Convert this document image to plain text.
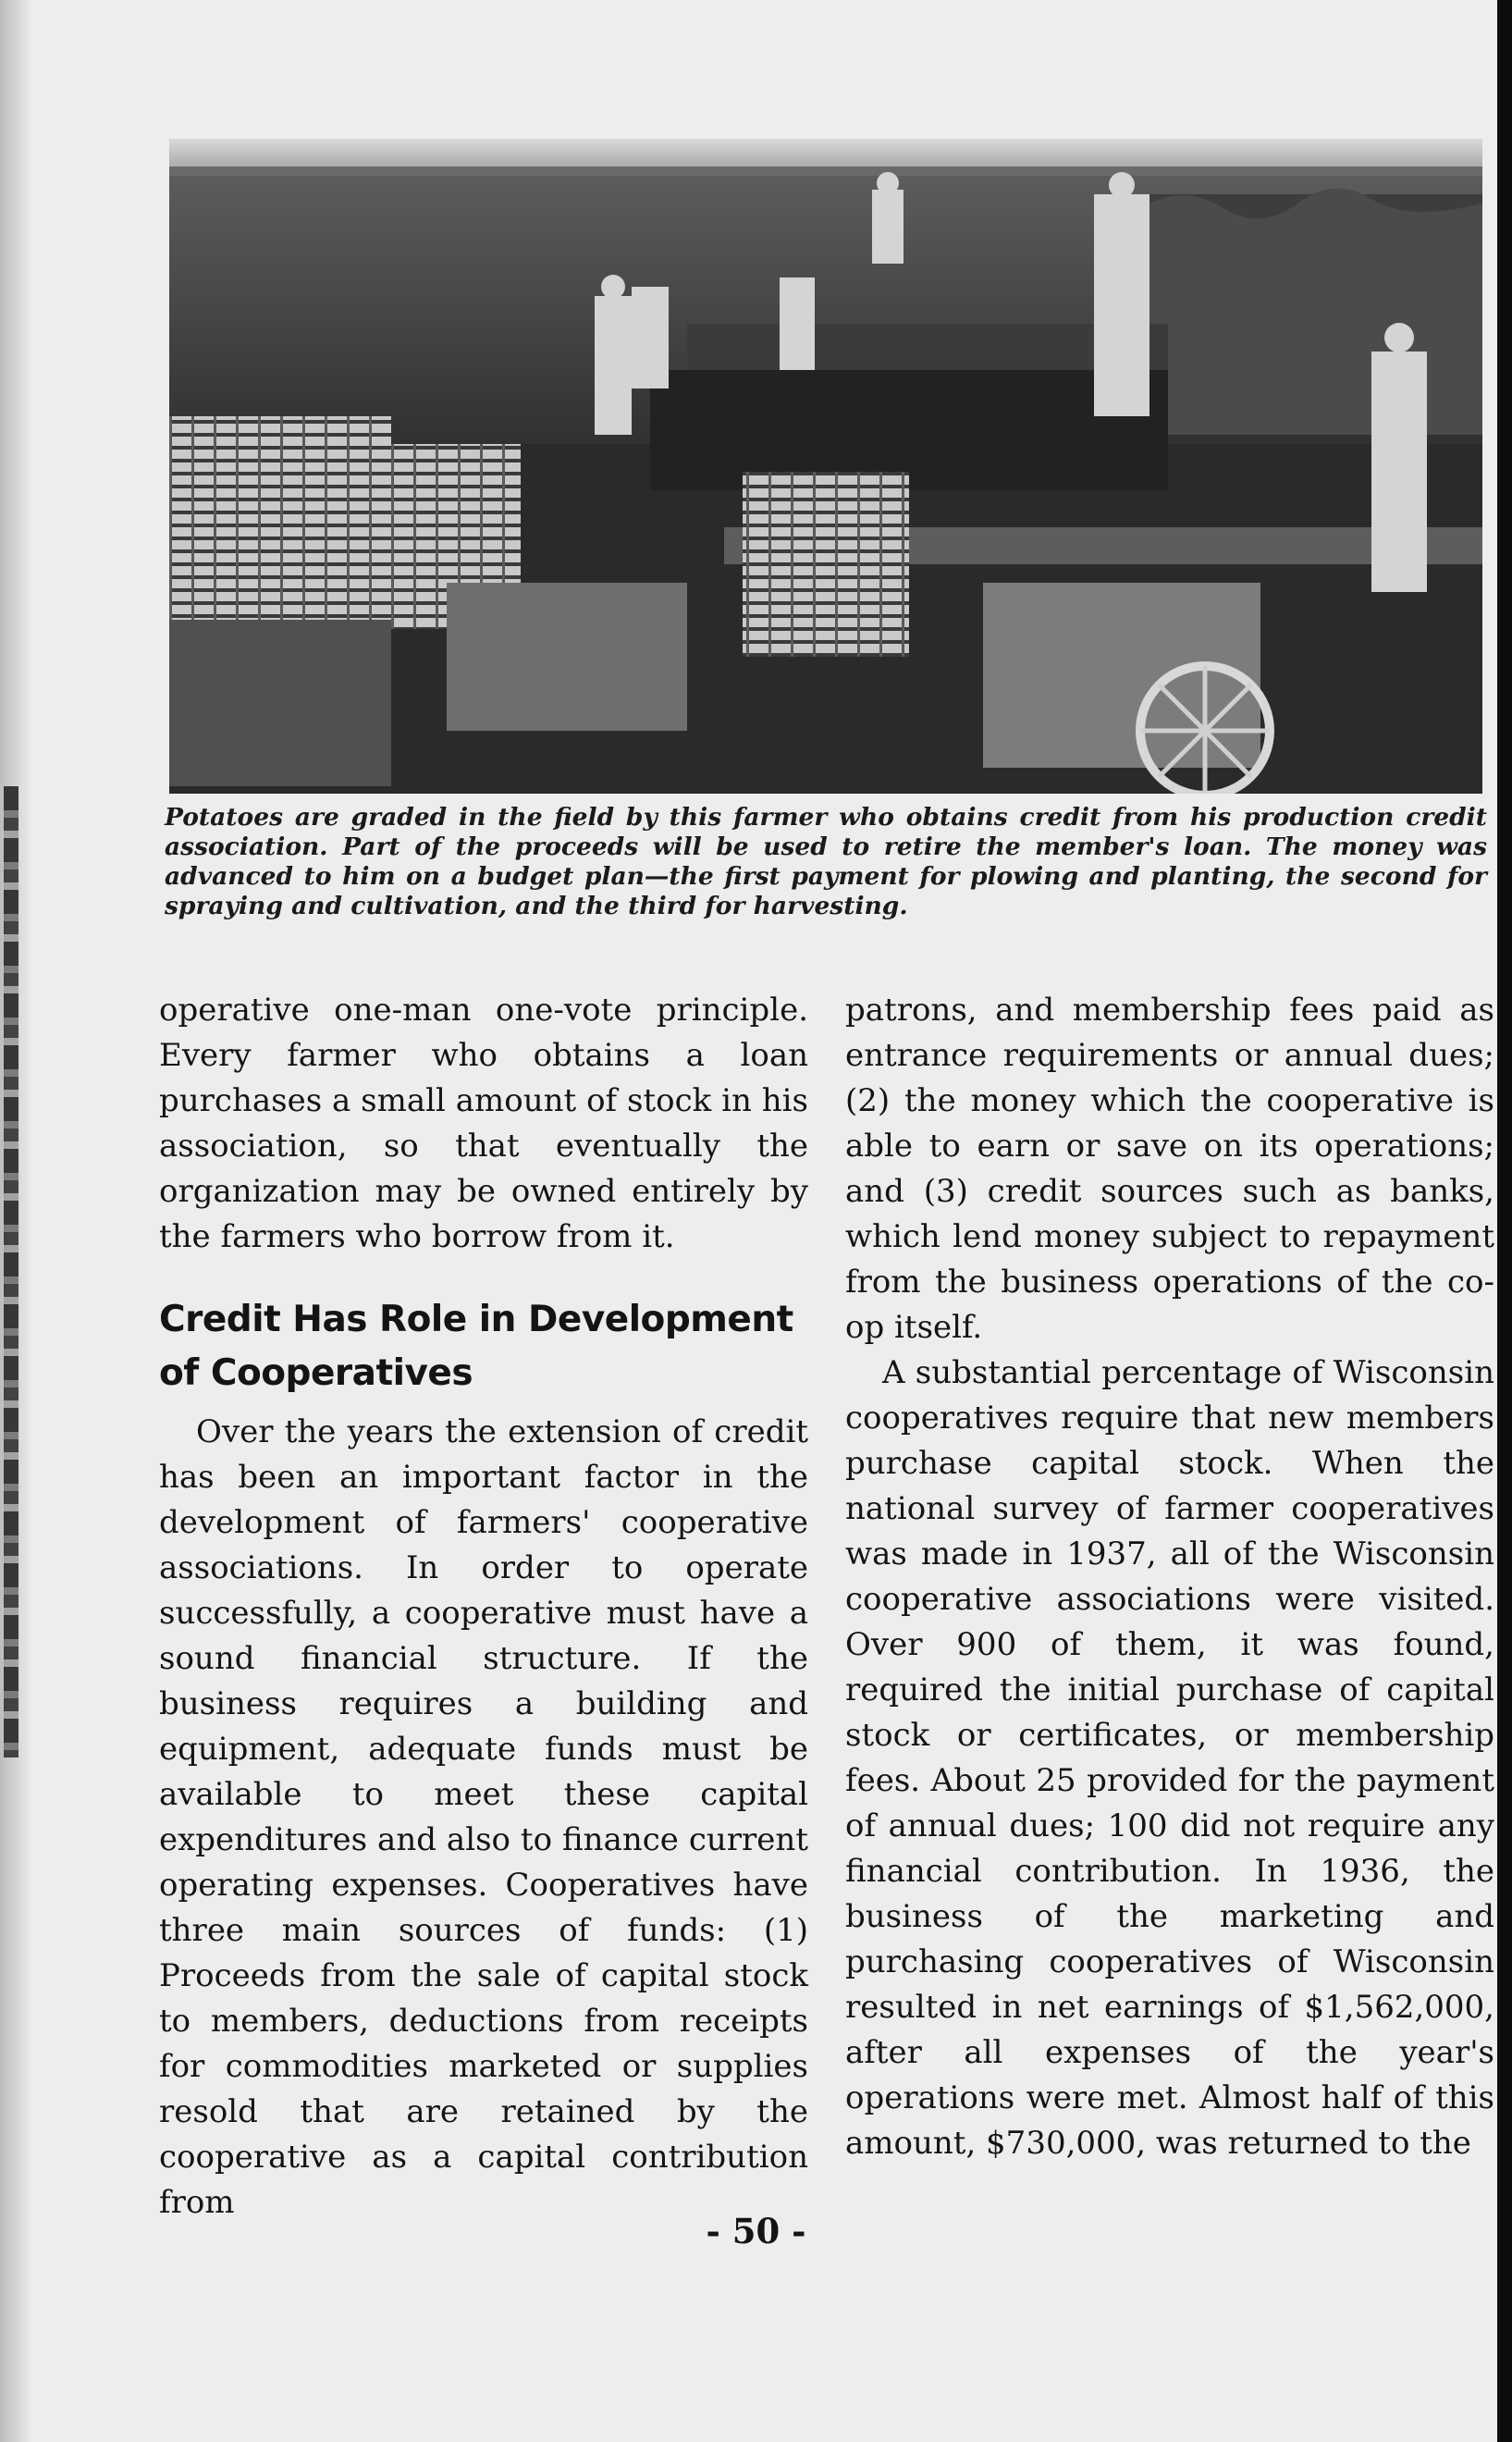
Potatoes are graded in the field by this farmer who obtains credit from his production credit association. Part of the proceeds will be used to retire the member's loan. The money was advanced to him on a budget plan—the first payment for plowing and planting, the second for spraying and cultivation, and the third for harvesting.

operative one-man one-vote principle. Every farmer who obtains a loan purchases a small amount of stock in his association, so that eventually the organization may be owned entirely by the farmers who borrow from it.

Credit Has Role in Development of Cooperatives

Over the years the extension of credit has been an important factor in the development of farmers' cooperative associations. In order to operate successfully, a cooperative must have a sound financial structure. If the business requires a building and equipment, adequate funds must be available to meet these capital expenditures and also to finance current operating expenses. Cooperatives have three main sources of funds: (1) Proceeds from the sale of capital stock to members, deductions from receipts for commodities marketed or supplies resold that are retained by the cooperative as a capital contribution from

patrons, and membership fees paid as entrance requirements or annual dues; (2) the money which the cooperative is able to earn or save on its operations; and (3) credit sources such as banks, which lend money subject to repayment from the business operations of the co-op itself.

A substantial percentage of Wisconsin cooperatives require that new members purchase capital stock. When the national survey of farmer cooperatives was made in 1937, all of the Wisconsin cooperative associations were visited. Over 900 of them, it was found, required the initial purchase of capital stock or certificates, or membership fees. About 25 provided for the payment of annual dues; 100 did not require any financial contribution. In 1936, the business of the marketing and purchasing cooperatives of Wisconsin resulted in net earnings of $1,562,000, after all expenses of the year's operations were met. Almost half of this amount, $730,000, was returned to the

- 50 -
